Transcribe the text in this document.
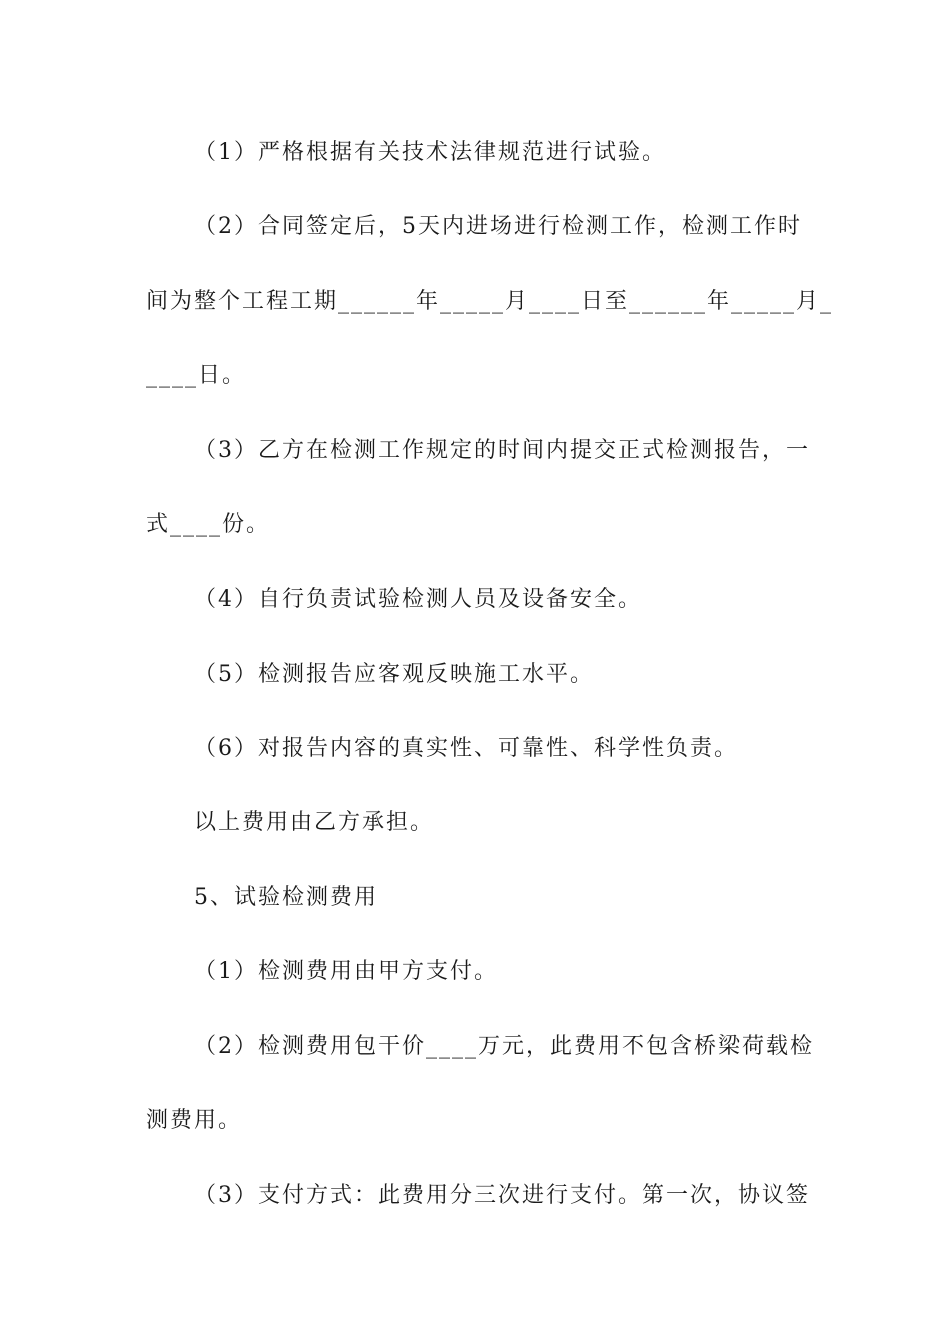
（1）严格根据有关技术法律规范进行试验。
（2）合同签定后，5天内进场进行检测工作，检测工作时
间为整个工程工期______年_____月____日至______年_____月_
____日。
（3）乙方在检测工作规定的时间内提交正式检测报告，一
式____份。
（4）自行负责试验检测人员及设备安全。
（5）检测报告应客观反映施工水平。
（6）对报告内容的真实性、可靠性、科学性负责。
以上费用由乙方承担。
5、试验检测费用
（1）检测费用由甲方支付。
（2）检测费用包干价____万元，此费用不包含桥梁荷载检
测费用。
（3）支付方式：此费用分三次进行支付。第一次，协议签
